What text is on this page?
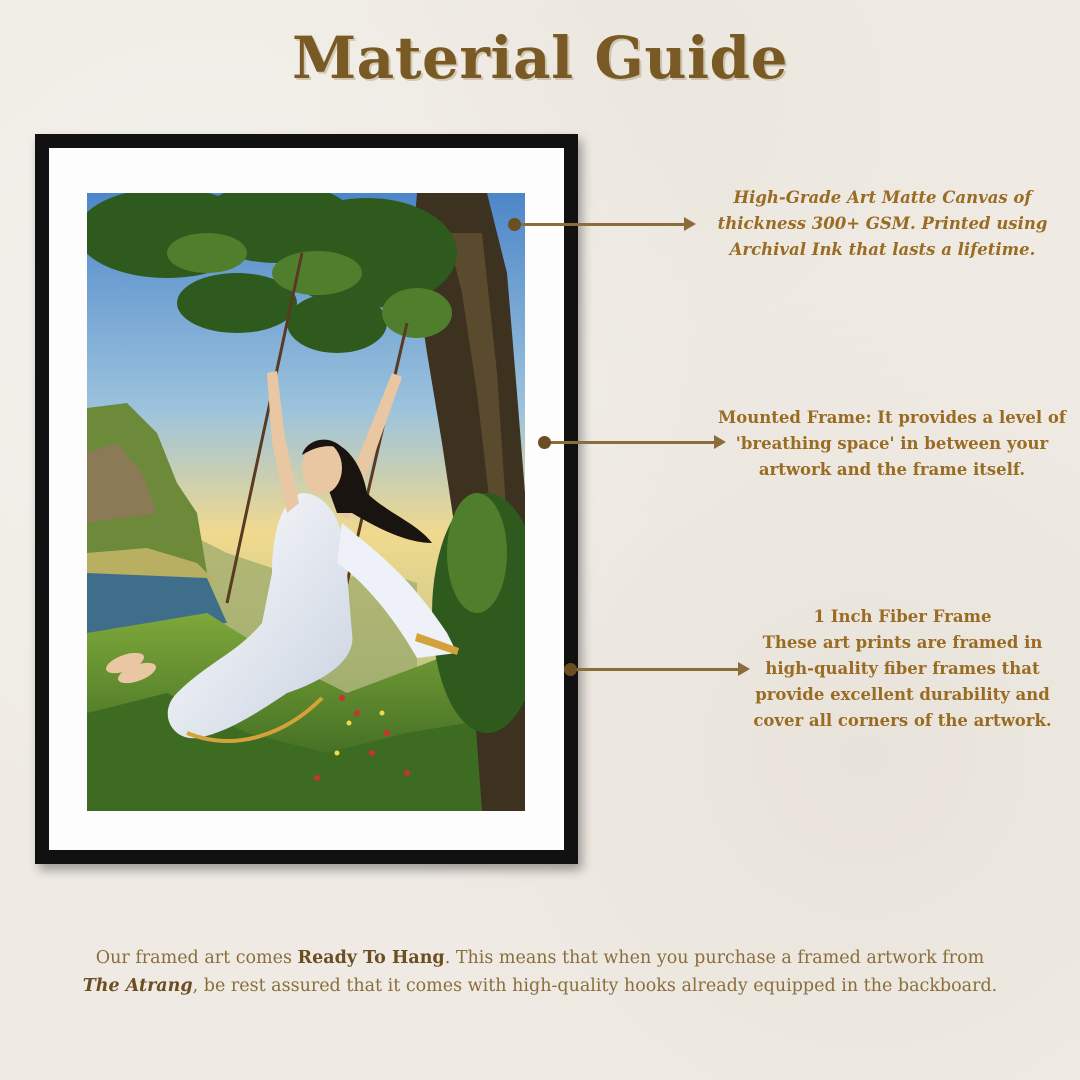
Material Guide
High-Grade Art Matte Canvas of
thickness 300+ GSM. Printed using
Archival Ink that lasts a lifetime.
Mounted Frame: It provides a level of
'breathing space' in between your
artwork and the frame itself.
1 Inch Fiber Frame
These art prints are framed in
high-quality fiber frames that
provide excellent durability and
cover all corners of the artwork.
Our framed art comes Ready To Hang. This means that when you purchase a framed artwork from
The Atrang, be rest assured that it comes with high-quality hooks already equipped in the backboard.
